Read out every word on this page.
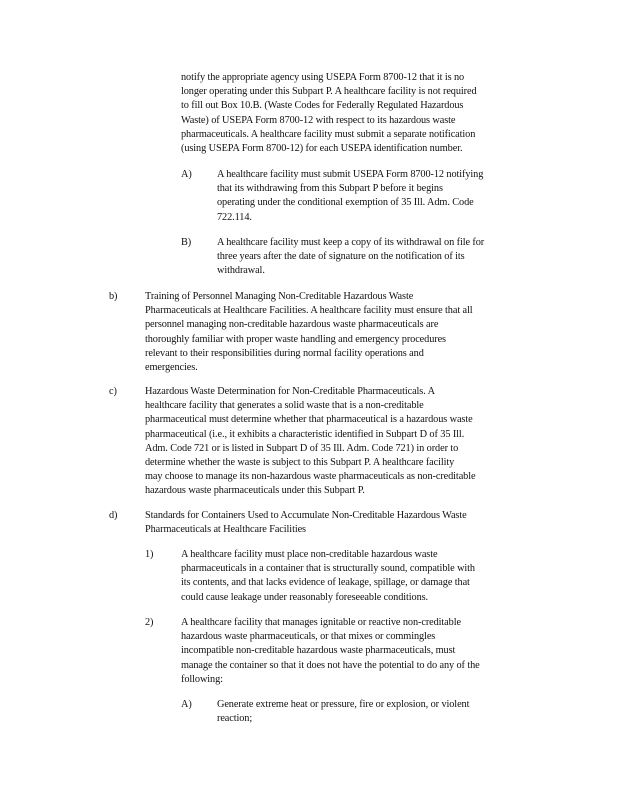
notify the appropriate agency using USEPA Form 8700-12 that it is no
longer operating under this Subpart P. A healthcare facility is not required
to fill out Box 10.B. (Waste Codes for Federally Regulated Hazardous
Waste) of USEPA Form 8700-12 with respect to its hazardous waste
pharmaceuticals. A healthcare facility must submit a separate notification
(using USEPA Form 8700-12) for each USEPA identification number.
A) A healthcare facility must submit USEPA Form 8700-12 notifying
that its withdrawing from this Subpart P before it begins
operating under the conditional exemption of 35 Ill. Adm. Code
722.114.
B)	A healthcare facility must keep a copy of its withdrawal on file for
three years after the date of signature on the notification of its
withdrawal.
b)	Training of Personnel Managing Non-Creditable Hazardous Waste
Pharmaceuticals at Healthcare Facilities. A healthcare facility must ensure that all
personnel managing non-creditable hazardous waste pharmaceuticals are
thoroughly familiar with proper waste handling and emergency procedures
relevant to their responsibilities during normal facility operations and
emergencies.
c)	Hazardous Waste Determination for Non-Creditable Pharmaceuticals. A
healthcare facility that generates a solid waste that is a non-creditable
pharmaceutical must determine whether that pharmaceutical is a hazardous waste
pharmaceutical (i.e., it exhibits a characteristic identified in Subpart D of 35 Ill.
Adm. Code 721 or is listed in Subpart D of 35 Ill. Adm. Code 721) in order to
determine whether the waste is subject to this Subpart P. A healthcare facility
may choose to manage its non-hazardous waste pharmaceuticals as non-creditable
hazardous waste pharmaceuticals under this Subpart P.
d)	Standards for Containers Used to Accumulate Non-Creditable Hazardous Waste
Pharmaceuticals at Healthcare Facilities
1)	A healthcare facility must place non-creditable hazardous waste
pharmaceuticals in a container that is structurally sound, compatible with
its contents, and that lacks evidence of leakage, spillage, or damage that
could cause leakage under reasonably foreseeable conditions.
2)	A healthcare facility that manages ignitable or reactive non-creditable
hazardous waste pharmaceuticals, or that mixes or commingles
incompatible non-creditable hazardous waste pharmaceuticals, must
manage the container so that it does not have the potential to do any of the
following:
A) Generate extreme heat or pressure, fire or explosion, or violent
reaction;
